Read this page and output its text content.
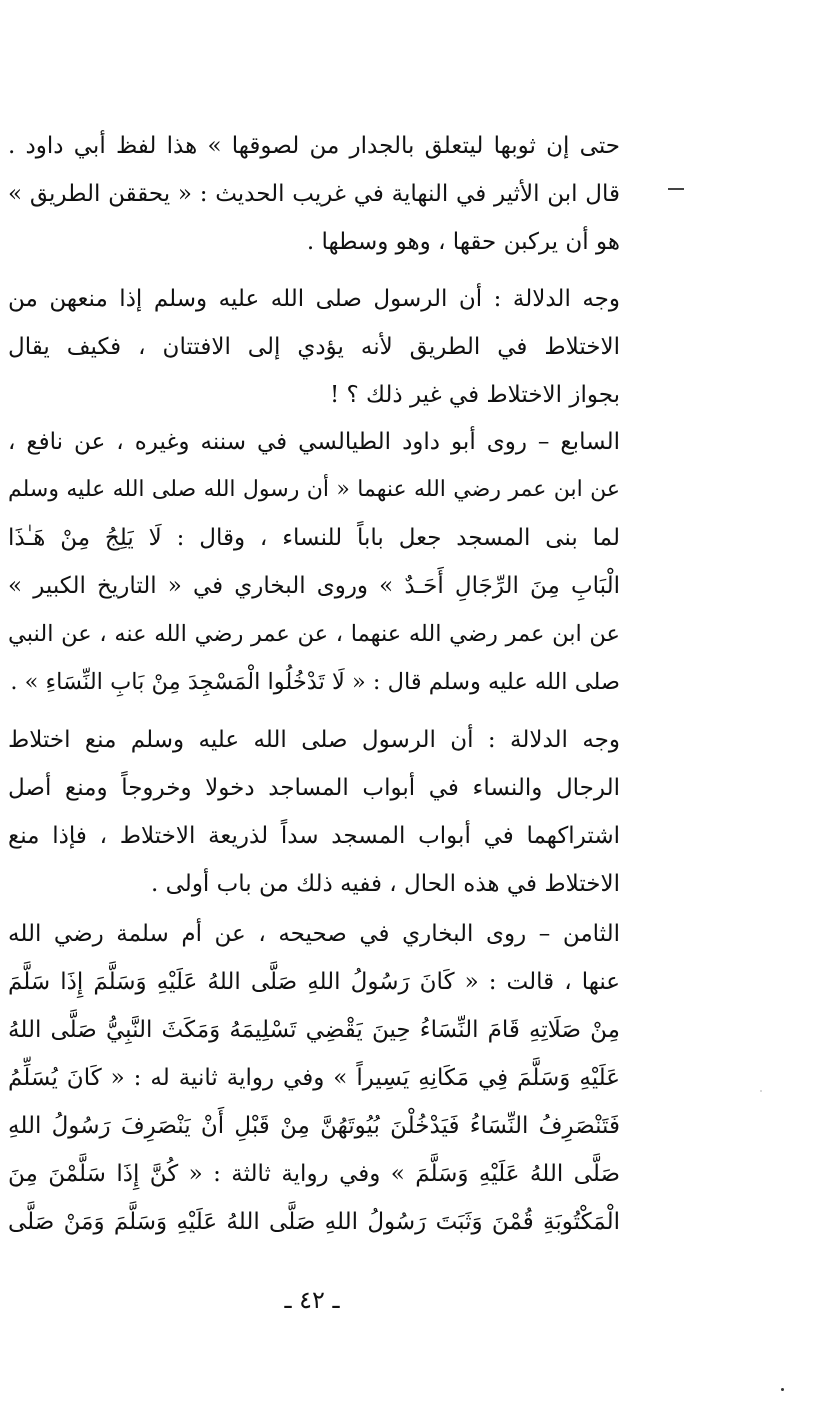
حتى إن ثوبها ليتعلق بالجدار من لصوقها » هذا لفظ أبي داود .
قال ابن الأثير في النهاية في غريب الحديث : « يحققن الطريق »
هو أن يركبن حقها ، وهو وسطها .
وجه الدلالة : أن الرسول صلى الله عليه وسلم إذا منعهن من
الاختلاط في الطريق لأنه يؤدي إلى الافتتان ، فكيف يقال
بجواز الاختلاط في غير ذلك ؟ !
السابع – روى أبو داود الطيالسي في سننه وغيره ، عن نافع ،
عن ابن عمر رضي الله عنهما « أن رسول الله صلى الله عليه وسلم
لما بنى المسجد جعل باباً للنساء ، وقال : لَا يَلِجُ مِنْ هَـٰذَا
الْبَابِ مِنَ الرِّجَالِ أَحَـدٌ » وروى البخاري في « التاريخ الكبير »
عن ابن عمر رضي الله عنهما ، عن عمر رضي الله عنه ، عن النبي
صلى الله عليه وسلم قال : « لَا تَدْخُلُوا الْمَسْجِدَ مِنْ بَابِ النِّسَاءِ » .
وجه الدلالة : أن الرسول صلى الله عليه وسلم منع اختلاط
الرجال والنساء في أبواب المساجد دخولا وخروجاً ومنع أصل
اشتراكهما في أبواب المسجد سداً لذريعة الاختلاط ، فإذا منع
الاختلاط في هذه الحال ، ففيه ذلك من باب أولى .
الثامن – روى البخاري في صحيحه ، عن أم سلمة رضي الله
عنها ، قالت : « كَانَ رَسُولُ اللهِ صَلَّى اللهُ عَلَيْهِ وَسَلَّمَ إِذَا سَلَّمَ
مِنْ صَلَاتِهِ قَامَ النِّسَاءُ حِينَ يَقْضِي تَسْلِيمَهُ وَمَكَثَ النَّبِيُّ صَلَّى اللهُ
عَلَيْهِ وَسَلَّمَ فِي مَكَانِهِ يَسِيراً » وفي رواية ثانية له : « كَانَ يُسَلِّمُ
فَتَنْصَرِفُ النِّسَاءُ فَيَدْخُلْنَ بُيُوتَهُنَّ مِنْ قَبْلِ أَنْ يَنْصَرِفَ رَسُولُ اللهِ
صَلَّى اللهُ عَلَيْهِ وَسَلَّمَ » وفي رواية ثالثة : « كُنَّ إِذَا سَلَّمْنَ مِنَ
الْمَكْتُوبَةِ قُمْنَ وَثَبَتَ رَسُولُ اللهِ صَلَّى اللهُ عَلَيْهِ وَسَلَّمَ وَمَنْ صَلَّى
ـ ٤٢ ـ
